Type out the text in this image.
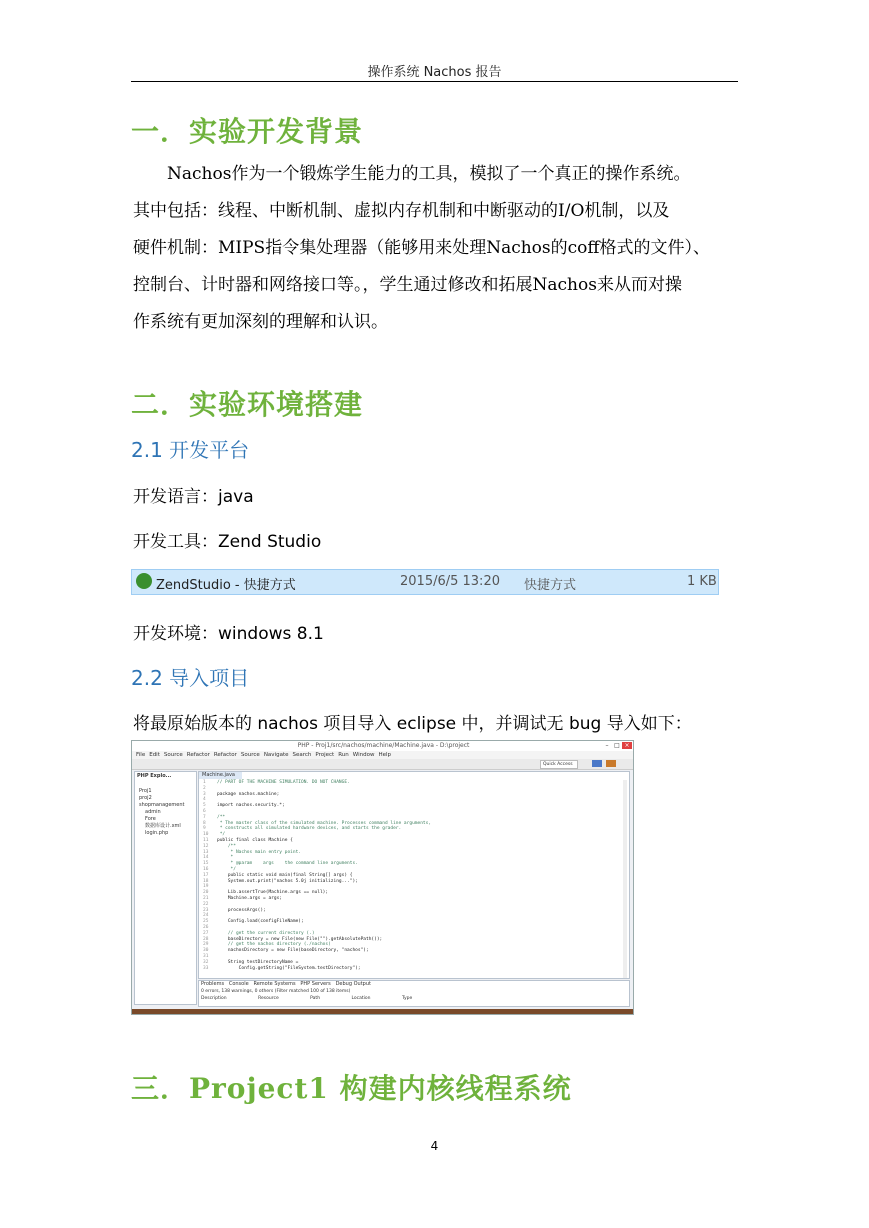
操作系统 Nachos 报告
一．实验开发背景
Nachos作为一个锻炼学生能力的工具，模拟了一个真正的操作系统。
其中包括：线程、中断机制、虚拟内存机制和中断驱动的I/O机制，以及
硬件机制：MIPS指令集处理器（能够用来处理Nachos的coff格式的文件）、
控制台、计时器和网络接口等。，学生通过修改和拓展Nachos来从而对操
作系统有更加深刻的理解和认识。
二．实验环境搭建
2.1 开发平台
开发语言：java
开发工具：Zend Studio
ZendStudio - 快捷方式	2015/6/5 13:20 快捷方式	1 KB
开发环境：windows 8.1
2.2 导入项目
将最原始版本的 nachos 项目导入 eclipse 中，并调试无 bug 导入如下：
PHP - Proj1/src/nachos/machine/Machine.java - D:\project	– □ ×
File Edit Source Refactor Refactor Source Navigate Search Project Run Window Help
Quick Access
PHP Explo...
Proj1
proj2
shopmanagement
admin
Fore
数据库设计.xml
login.php
Machine.java
1	// PART OF THE MACHINE SIMULATION. DO NOT CHANGE.
2
3	package nachos.machine;
4
5	import nachos.security.*;
6
7	/**
8	* The master class of the simulated machine. Processes command line arguments,
9	* constructs all simulated hardware devices, and starts the grader.
10 */
11 public final class Machine {
12    /**
13     * Nachos main entry point.
14     *
15     * @param    args    the command line arguments.
16     */
17    public static void main(final String[] args) {
18    System.out.print("nachos 5.0j initializing...");
19
20    Lib.assertTrue(Machine.args == null);
21    Machine.args = args;
22
23    processArgs();
24
25    Config.load(configFileName);
26
27    // get the current directory (.)
28    baseDirectory = new File(new File("").getAbsolutePath());
29    // get the nachos directory (./nachos)
30    nachosDirectory = new File(baseDirectory, "nachos");
31
32    String testDirectoryName =
33        Config.getString("FileSystem.testDirectory");
Problems Console Remote Systems PHP Servers Debug Output
0 errors, 138 warnings, 0 others (Filter matched 100 of 138 items)
Description	Resource	Path	Location	Type
三．Project1 构建内核线程系统
4
